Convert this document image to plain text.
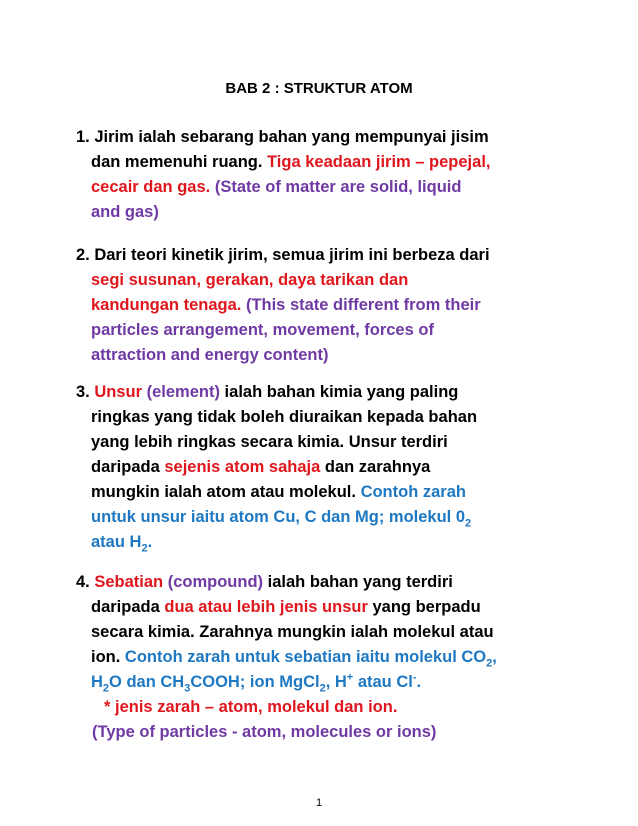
BAB 2 : STRUKTUR ATOM
1. Jirim ialah sebarang bahan yang mempunyai jisim
dan memenuhi ruang. Tiga keadaan jirim – pepejal,
cecair dan gas. (State of matter are solid, liquid
and gas)
2. Dari teori kinetik jirim, semua jirim ini berbeza dari
segi susunan, gerakan, daya tarikan dan
kandungan tenaga. (This state different from their
particles arrangement, movement, forces of
attraction and energy content)
3. Unsur (element) ialah bahan kimia yang paling
ringkas yang tidak boleh diuraikan kepada bahan
yang lebih ringkas secara kimia. Unsur terdiri
daripada sejenis atom sahaja dan zarahnya
mungkin ialah atom atau molekul. Contoh zarah
untuk unsur iaitu atom Cu, C dan Mg; molekul $0_2$
atau $H_2$.
4. Sebatian (compound) ialah bahan yang terdiri
daripada dua atau lebih jenis unsur yang berpadu
secara kimia. Zarahnya mungkin ialah molekul atau
ion. Contoh zarah untuk sebatian iaitu molekul $CO_2$,
$H_2O$ dan $CH_3COOH$; ion MgCl$_2$, H+ atau Cl-.
* jenis zarah – atom, molekul dan ion.
(Type of particles - atom, molecules or ions)
1
